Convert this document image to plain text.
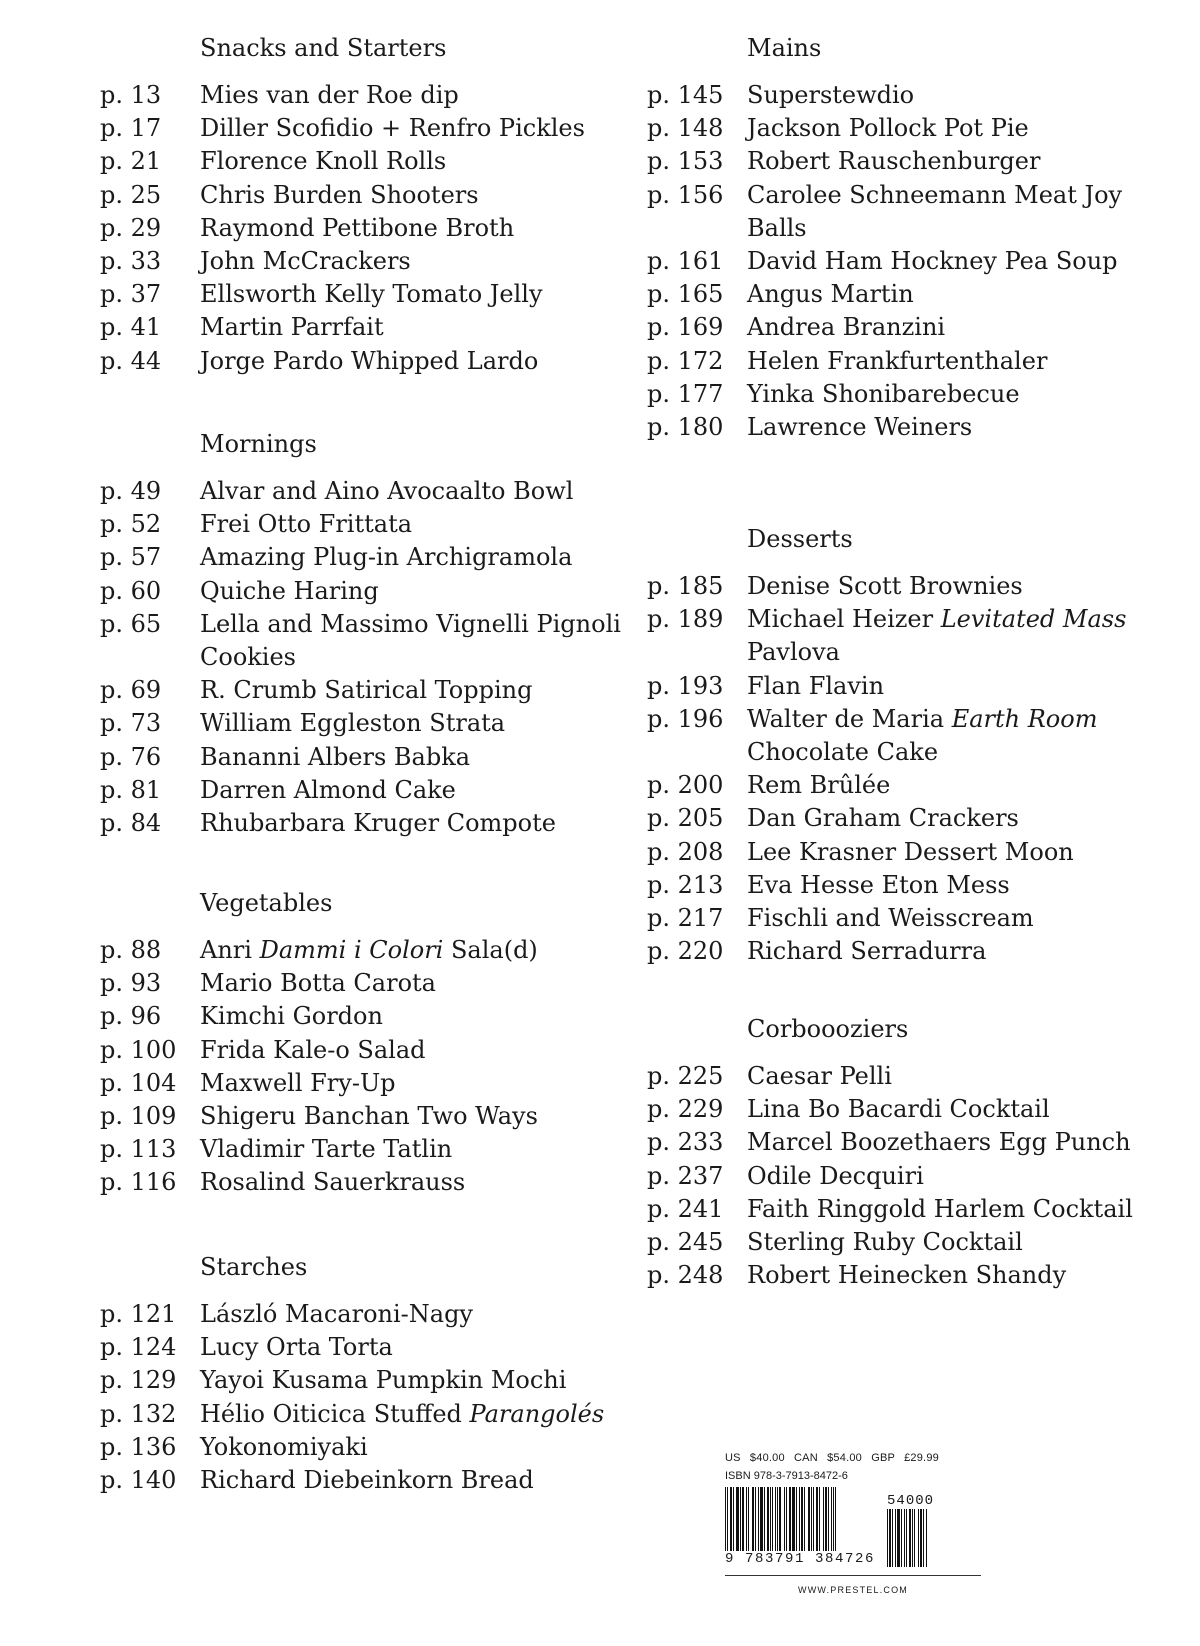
Snacks and Starters
p. 13	Mies van der Roe dip
p. 17	Diller Scofidio + Renfro Pickles
p. 21	Florence Knoll Rolls
p. 25	Chris Burden Shooters
p. 29	Raymond Pettibone Broth
p. 33	John McCrackers
p. 37	Ellsworth Kelly Tomato Jelly
p. 41	Martin Parrfait
p. 44	Jorge Pardo Whipped Lardo
Mornings
p. 49	Alvar and Aino Avocaalto Bowl
p. 52	Frei Otto Frittata
p. 57	Amazing Plug-in Archigramola
p. 60	Quiche Haring
p. 65	Lella and Massimo Vignelli Pignoli Cookies
p. 69	R. Crumb Satirical Topping
p. 73	William Eggleston Strata
p. 76	Bananni Albers Babka
p. 81	Darren Almond Cake
p. 84	Rhubarbara Kruger Compote
Vegetables
p. 88	Anri Dammi i Colori Sala(d)
p. 93	Mario Botta Carota
p. 96	Kimchi Gordon
p. 100 Frida Kale-o Salad
p. 104 Maxwell Fry-Up
p. 109 Shigeru Banchan Two Ways
p. 113 Vladimir Tarte Tatlin
p. 116 Rosalind Sauerkrauss
Starches
p. 121 László Macaroni-Nagy
p. 124 Lucy Orta Torta
p. 129 Yayoi Kusama Pumpkin Mochi
p. 132 Hélio Oiticica Stuffed Parangolés
p. 136 Yokonomiyaki
p. 140 Richard Diebeinkorn Bread
Mains
p. 145 Superstewdio
p. 148 Jackson Pollock Pot Pie
p. 153 Robert Rauschenburger
p. 156 Carolee Schneemann Meat Joy Balls
p. 161 David Ham Hockney Pea Soup
p. 165 Angus Martin
p. 169 Andrea Branzini
p. 172 Helen Frankfurtenthaler
p. 177 Yinka Shonibarebecue
p. 180 Lawrence Weiners
Desserts
p. 185 Denise Scott Brownies
p. 189 Michael Heizer Levitated Mass Pavlova
p. 193 Flan Flavin
p. 196 Walter de Maria Earth Room Chocolate Cake
p. 200 Rem Brûlée
p. 205 Dan Graham Crackers
p. 208 Lee Krasner Dessert Moon
p. 213 Eva Hesse Eton Mess
p. 217 Fischli and Weisscream
p. 220 Richard Serradurra
Corboooziers
p. 225 Caesar Pelli
p. 229 Lina Bo Bacardi Cocktail
p. 233 Marcel Boozethaers Egg Punch
p. 237 Odile Decquiri
p. 241 Faith Ringgold Harlem Cocktail
p. 245 Sterling Ruby Cocktail
p. 248 Robert Heinecken Shandy
US $40.00 CAN $54.00 GBP £29.99
ISBN 978-3-7913-8472-6
9 783791 384726
54000
WWW.PRESTEL.COM
